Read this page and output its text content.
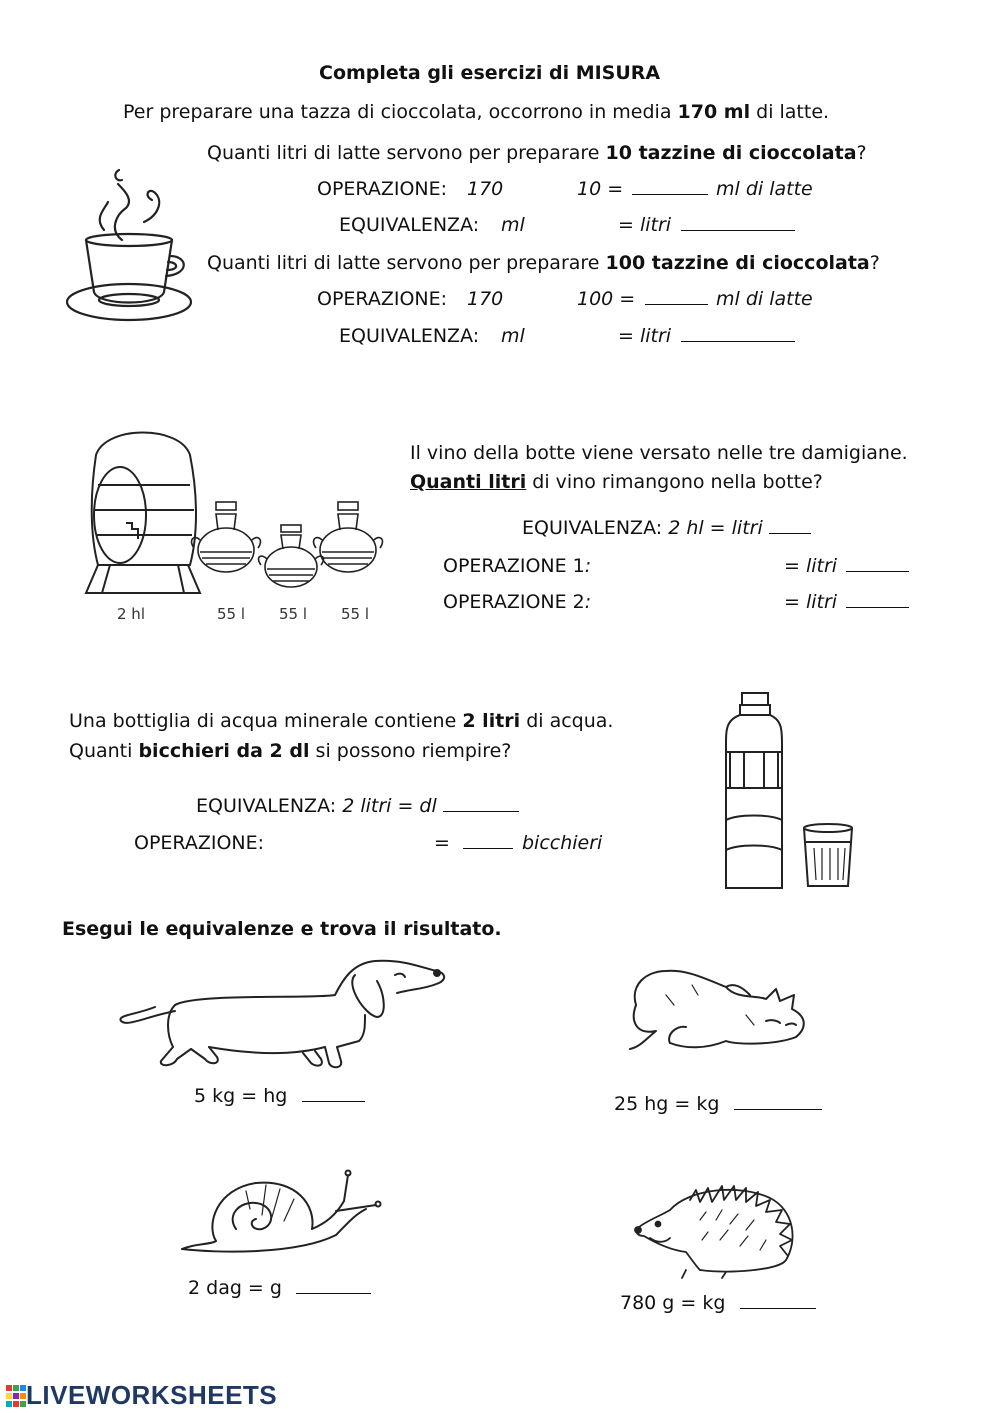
Completa gli esercizi di MISURA
Per preparare una tazza di cioccolata, occorrono in media 170 ml di latte.
Quanti litri di latte servono per preparare 10 tazzine di cioccolata?
OPERAZIONE: 170	10 =	ml di latte
EQUIVALENZA: ml	= litri
Quanti litri di latte servono per preparare 100 tazzine di cioccolata?
OPERAZIONE: 170	100 =	ml di latte
EQUIVALENZA: ml	= litri
2 hl	55 l 55 l 55 l
Il vino della botte viene versato nelle tre damigiane.
Quanti litri di vino rimangono nella botte?
EQUIVALENZA: 2 hl = litri
OPERAZIONE 1:	= litri
OPERAZIONE 2:	= litri
Una bottiglia di acqua minerale contiene 2 litri di acqua.
Quanti bicchieri da 2 dl si possono riempire?
EQUIVALENZA: 2 litri = dl
OPERAZIONE:	=	bicchieri
Esegui le equivalenze e trova il risultato.
5 kg = hg	25 hg = kg
2 dag = g
780 g = kg
LIVEWORKSHEETS
